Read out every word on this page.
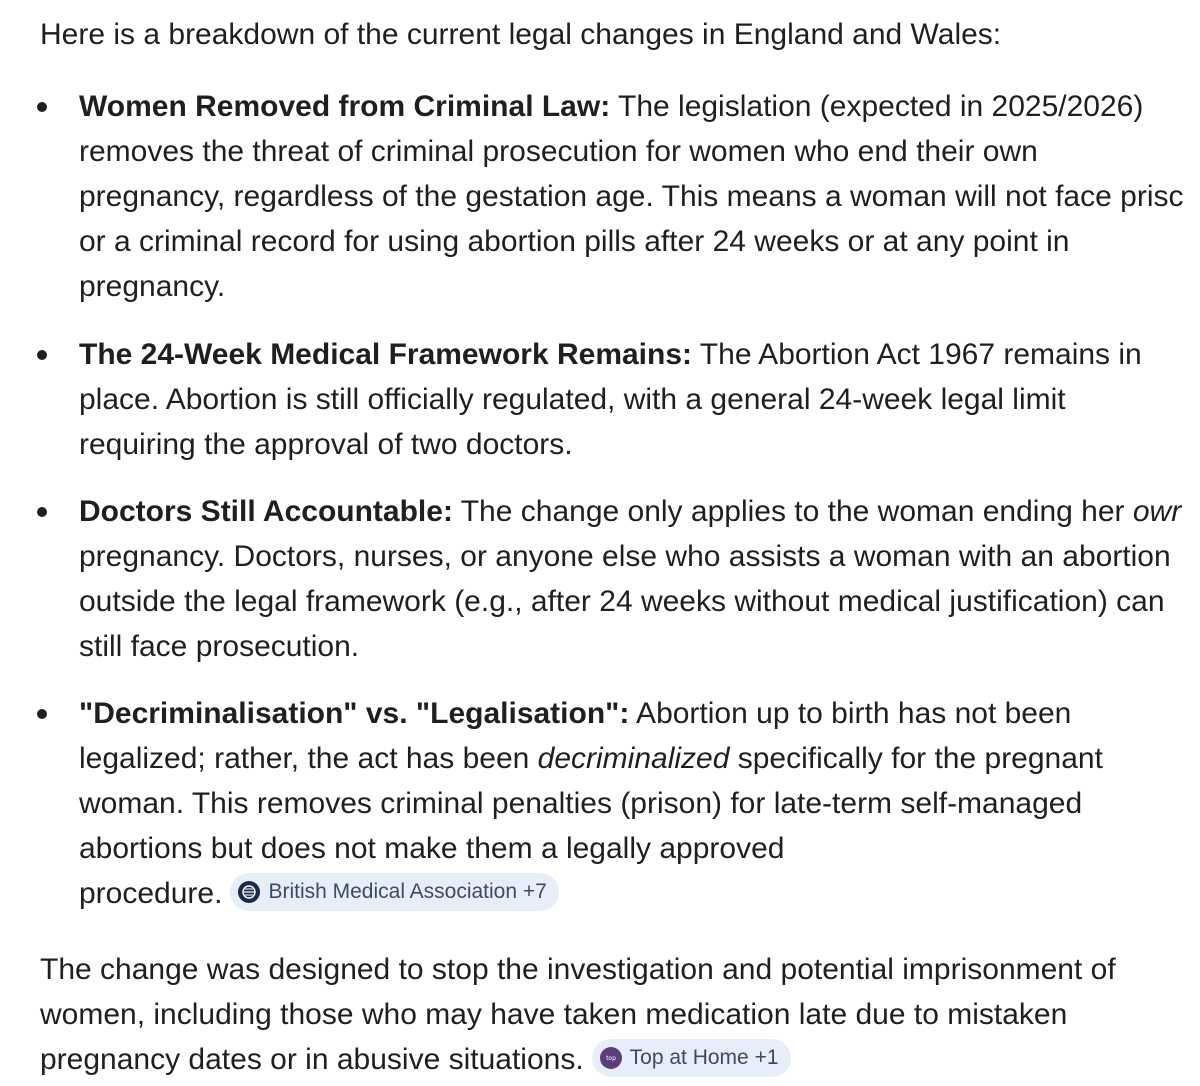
Here is a breakdown of the current legal changes in England and Wales:
Women Removed from Criminal Law: The legislation (expected in 2025/2026)
removes the threat of criminal prosecution for women who end their own
pregnancy, regardless of the gestation age. This means a woman will not face prisc
or a criminal record for using abortion pills after 24 weeks or at any point in
pregnancy.
The 24-Week Medical Framework Remains: The Abortion Act 1967 remains in
place. Abortion is still officially regulated, with a general 24-week legal limit
requiring the approval of two doctors.
Doctors Still Accountable: The change only applies to the woman ending her owr
pregnancy. Doctors, nurses, or anyone else who assists a woman with an abortion
outside the legal framework (e.g., after 24 weeks without medical justification) can
still face prosecution.
"Decriminalisation" vs. "Legalisation": Abortion up to birth has not been
legalized; rather, the act has been decriminalized specifically for the pregnant
woman. This removes criminal penalties (prison) for late-term self-managed
abortions but does not make them a legally approved
procedure. British Medical Association +7
The change was designed to stop the investigation and potential imprisonment of
women, including those who may have taken medication late due to mistaken
pregnancy dates or in abusive situations.	top Top at Home +1
